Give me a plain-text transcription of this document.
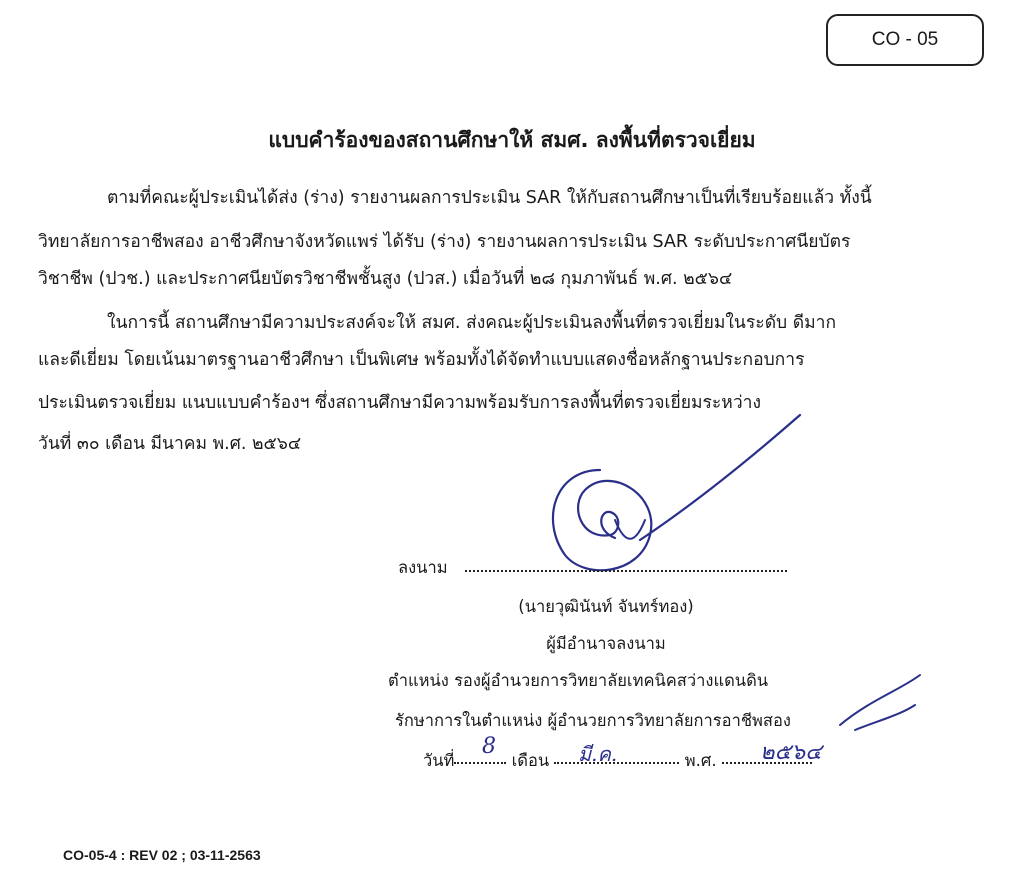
CO - 05
แบบคำร้องของสถานศึกษาให้ สมศ. ลงพื้นที่ตรวจเยี่ยม
ตามที่คณะผู้ประเมินได้ส่ง (ร่าง) รายงานผลการประเมิน SAR ให้กับสถานศึกษาเป็นที่เรียบร้อยแล้ว ทั้งนี้
วิทยาลัยการอาชีพสอง อาชีวศึกษาจังหวัดแพร่ ได้รับ (ร่าง) รายงานผลการประเมิน SAR ระดับประกาศนียบัตร
วิชาชีพ (ปวช.) และประกาศนียบัตรวิชาชีพชั้นสูง (ปวส.) เมื่อวันที่ ๒๘ กุมภาพันธ์ พ.ศ. ๒๕๖๔
ในการนี้ สถานศึกษามีความประสงค์จะให้ สมศ. ส่งคณะผู้ประเมินลงพื้นที่ตรวจเยี่ยมในระดับ ดีมาก
และดีเยี่ยม โดยเน้นมาตรฐานอาชีวศึกษา เป็นพิเศษ พร้อมทั้งได้จัดทำแบบแสดงชื่อหลักฐานประกอบการ
ประเมินตรวจเยี่ยม แนบแบบคำร้องฯ ซึ่งสถานศึกษามีความพร้อมรับการลงพื้นที่ตรวจเยี่ยมระหว่าง
วันที่ ๓๐ เดือน มีนาคม พ.ศ. ๒๕๖๔
ลงนาม
(นายวุฒินันท์ จันทร์ทอง)
ผู้มีอำนาจลงนาม
ตำแหน่ง รองผู้อำนวยการวิทยาลัยเทคนิคสว่างแดนดิน
รักษาการในตำแหน่ง ผู้อำนวยการวิทยาลัยการอาชีพสอง
วันที่	เดือน	พ.ศ.
8	มี.ค.	๒๕๖๔
CO-05-4 : REV 02 ; 03-11-2563
